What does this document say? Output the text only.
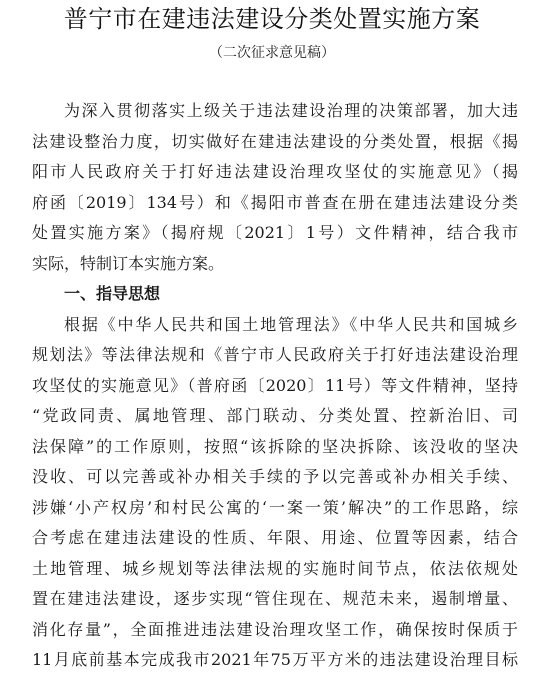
普宁市在建违法建设分类处置实施方案
（二次征求意见稿）
为深入贯彻落实上级关于违法建设治理的决策部署，加大违
法建设整治力度，切实做好在建违法建设的分类处置，根据《揭
阳市人民政府关于打好违法建设治理攻坚仗的实施意见》（揭
府函〔2019〕134号）和《揭阳市普查在册在建违法建设分类
处置实施方案》（揭府规〔2021〕1号）文件精神，结合我市
实际，特制订本实施方案。
一、指导思想
根据《中华人民共和国土地管理法》《中华人民共和国城乡
规划法》等法律法规和《普宁市人民政府关于打好违法建设治理
攻坚仗的实施意见》（普府函〔2020〕11号）等文件精神，坚持
“党政同责、属地管理、部门联动、分类处置、控新治旧、司
法保障”的工作原则，按照“该拆除的坚决拆除、该没收的坚决
没收、可以完善或补办相关手续的予以完善或补办相关手续、
涉嫌‘小产权房’和村民公寓的‘一案一策’解决”的工作思路，综
合考虑在建违法建设的性质、年限、用途、位置等因素，结合
土地管理、城乡规划等法律法规的实施时间节点，依法依规处
置在建违法建设，逐步实现“管住现在、规范未来，遏制增量、
消化存量”，全面推进违法建设治理攻坚工作，确保按时保质于
11月底前基本完成我市2021年75万平方米的违法建设治理目标
